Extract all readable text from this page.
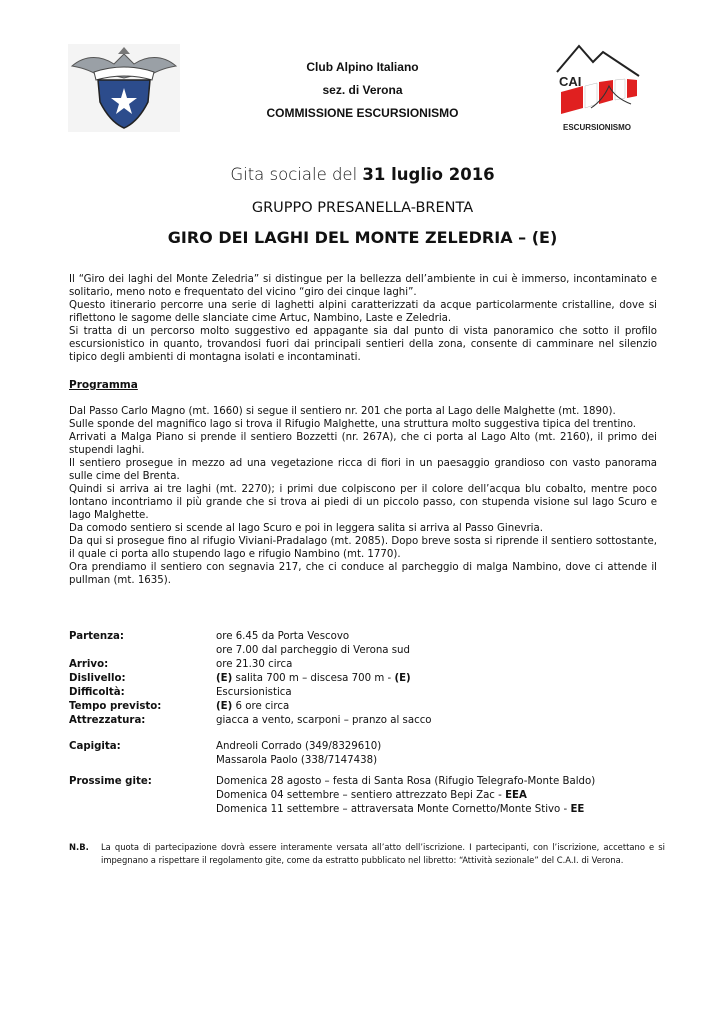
Club Alpino Italiano
sez. di Verona
COMMISSIONE ESCURSIONISMO
CAI
ESCURSIONISMO
Gita sociale del 31 luglio 2016
GRUPPO PRESANELLA-BRENTA
GIRO DEI LAGHI DEL MONTE ZELEDRIA – (E)

Il “Giro dei laghi del Monte Zeledria” si distingue per la bellezza dell’ambiente in cui è immerso, incontaminato e solitario, meno noto e frequentato del vicino “giro dei cinque laghi”.

Questo itinerario percorre una serie di laghetti alpini caratterizzati da acque particolarmente cristalline, dove si riflettono le sagome delle slanciate cime Artuc, Nambino, Laste e Zeledria.

Si tratta di un percorso molto suggestivo ed appagante sia dal punto di vista panoramico che sotto il profilo escursionistico in quanto, trovandosi fuori dai principali sentieri della zona, consente di camminare nel silenzio tipico degli ambienti di montagna isolati e incontaminati.

Programma

Dal Passo Carlo Magno (mt. 1660) si segue il sentiero nr. 201 che porta al Lago delle Malghette (mt. 1890).

Sulle sponde del magnifico lago si trova il Rifugio Malghette, una struttura molto suggestiva tipica del trentino.

Arrivati a Malga Piano si prende il sentiero Bozzetti (nr. 267A), che ci porta al Lago Alto (mt. 2160), il primo dei stupendi laghi.

Il sentiero prosegue in mezzo ad una vegetazione ricca di fiori in un paesaggio grandioso con vasto panorama sulle cime del Brenta.

Quindi si arriva ai tre laghi (mt. 2270); i primi due colpiscono per il colore dell’acqua blu cobalto, mentre poco lontano incontriamo il più grande che si trova ai piedi di un piccolo passo, con stupenda visione sul lago Scuro e lago Malghette.

Da comodo sentiero si scende al lago Scuro e poi in leggera salita si arriva al Passo Ginevria.

Da qui si prosegue fino al rifugio Viviani-Pradalago (mt. 2085). Dopo breve sosta si riprende il sentiero sottostante, il quale ci porta allo stupendo lago e rifugio Nambino (mt. 1770).

Ora prendiamo il sentiero con segnavia 217, che ci conduce al parcheggio di malga Nambino, dove ci attende il pullman (mt. 1635).

Partenza:	ore 6.45 da Porta Vescovo
ore 7.00 dal parcheggio di Verona sud
Arrivo:	ore 21.30 circa
Dislivello:	(E) salita 700 m – discesa 700 m - (E)
Difficoltà:	Escursionistica
Tempo previsto:	(E) 6 ore circa
Attrezzatura:	giacca a vento, scarponi – pranzo al sacco
Capigita:	Andreoli Corrado (349/8329610)
Massarola Paolo (338/7147438)
Prossime gite:	Domenica 28 agosto – festa di Santa Rosa (Rifugio Telegrafo-Monte Baldo)
Domenica 04 settembre – sentiero attrezzato Bepi Zac - EEA
Domenica 11 settembre – attraversata Monte Cornetto/Monte Stivo - EE
N.B. La quota di partecipazione dovrà essere interamente versata all’atto dell’iscrizione. I partecipanti, con l’iscrizione, accettano e si impegnano a rispettare il regolamento gite, come da estratto pubblicato nel libretto: “Attività sezionale” del C.A.I. di Verona.
